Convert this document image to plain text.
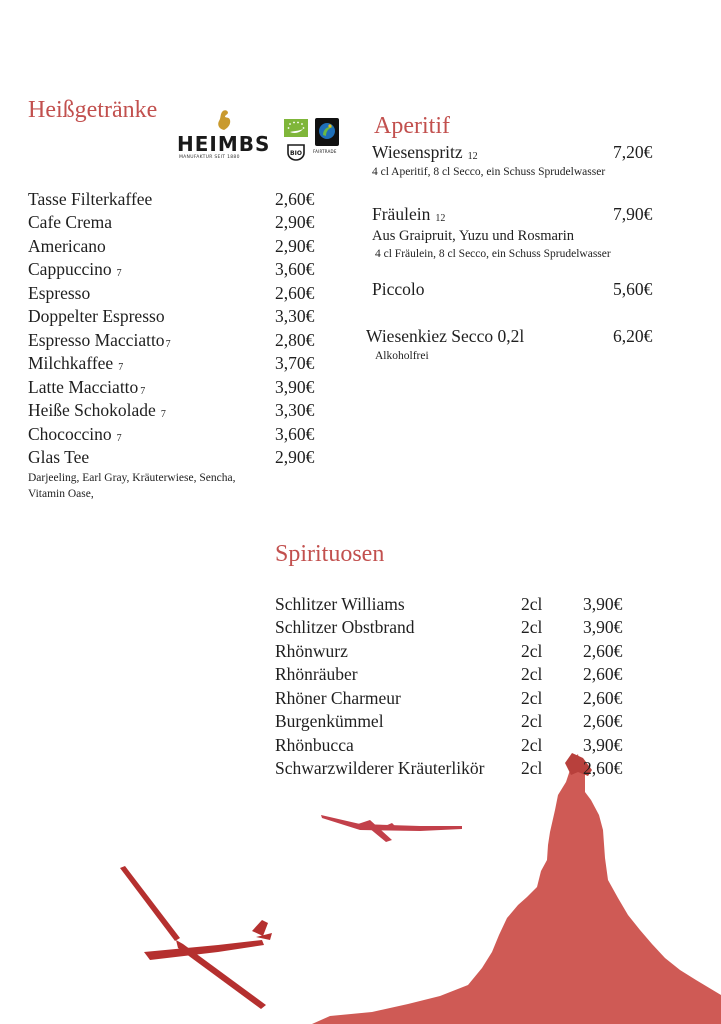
Heißgetränke
HEIMBS
MANUFAKTUR SEIT 1880
BIO	FAIRTRADE
Tasse Filterkaffee	2,60€
Cafe Crema	2,90€
Americano	2,90€
Cappuccino 7	3,60€
Espresso	2,60€
Doppelter Espresso	3,30€
Espresso Macciatto7	2,80€
Milchkaffee 7	3,70€
Latte Macciatto 7	3,90€
Heiße Schokolade 7	3,30€
Chococcino 7	3,60€
Glas Tee	2,90€
Darjeeling, Earl Gray, Kräuterwiese, Sencha,
Vitamin Oase,
Aperitif
Wiesenspritz 12	7,20€
4 cl Aperitif, 8 cl Secco, ein Schuss Sprudelwasser
Fräulein 12	7,90€
Aus Graipruit, Yuzu und Rosmarin
4 cl Fräulein, 8 cl Secco, ein Schuss Sprudelwasser
Piccolo	5,60€
Wiesenkiez Secco 0,2l	6,20€
Alkoholfrei
Spirituosen
Schlitzer Williams	2cl 3,90€
Schlitzer Obstbrand	2cl 3,90€
Rhönwurz	2cl 2,60€
Rhönräuber	2cl 2,60€
Rhöner Charmeur	2cl 2,60€
Burgenkümmel	2cl 2,60€
Rhönbucca	2cl 3,90€
Schwarzwilderer Kräuterlikör 2cl 2,60€
